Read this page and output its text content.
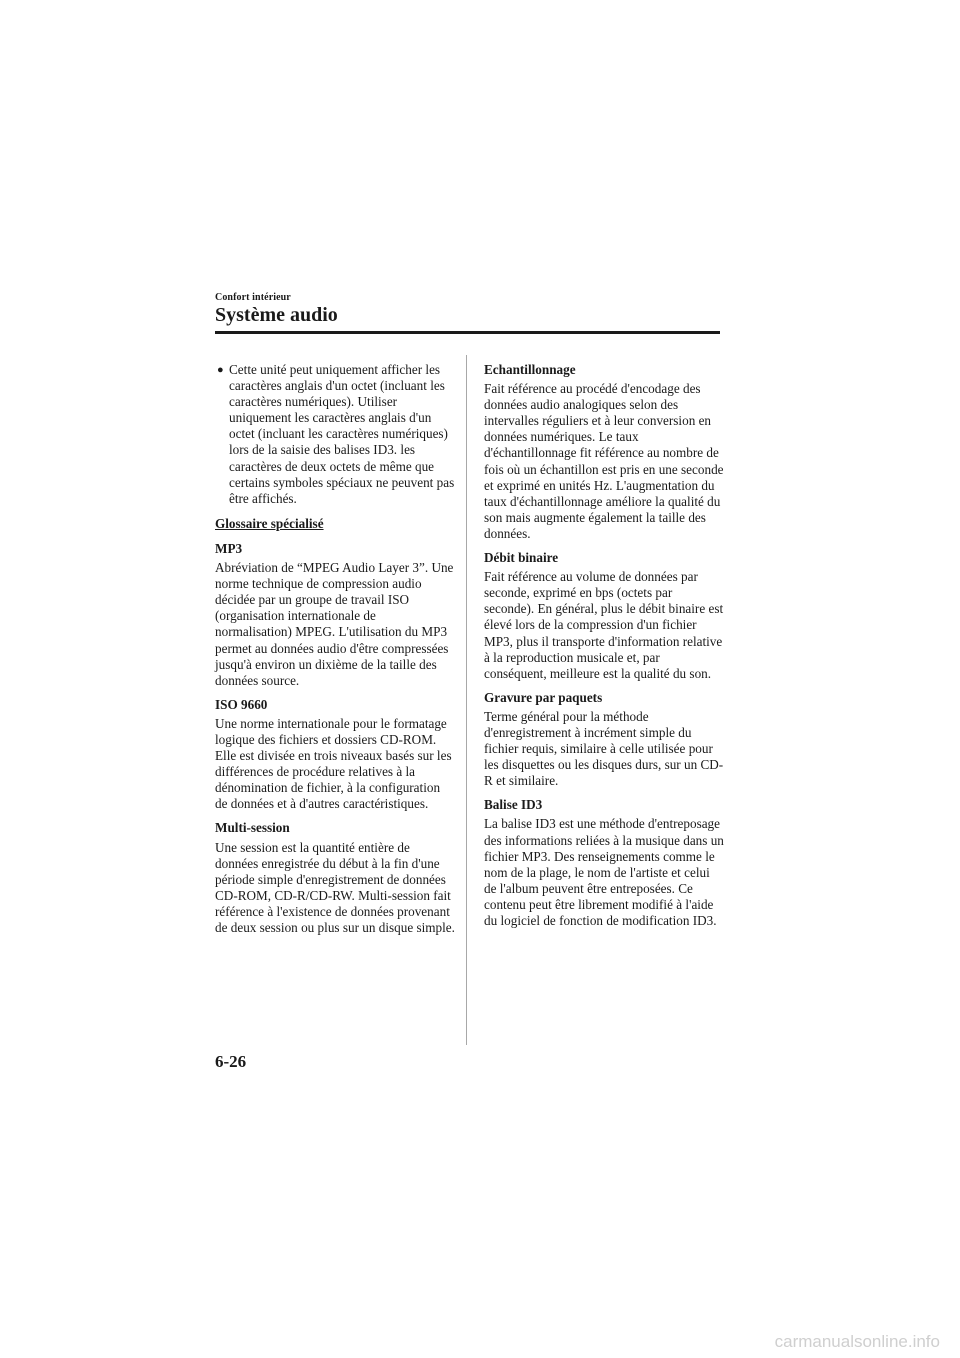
Confort intérieur
Système audio
● Cette unité peut uniquement afficher les caractères anglais d'un octet (incluant les caractères numériques). Utiliser uniquement les caractères anglais d'un octet (incluant les caractères numériques) lors de la saisie des balises ID3. les caractères de deux octets de même que certains symboles spéciaux ne peuvent pas être affichés.
Glossaire spécialisé
MP3
Abréviation de “MPEG Audio Layer 3”. Une norme technique de compression audio décidée par un groupe de travail ISO (organisation internationale de normalisation) MPEG. L'utilisation du MP3 permet au données audio d'être compressées jusqu'à environ un dixième de la taille des données source.
ISO 9660
Une norme internationale pour le formatage logique des fichiers et dossiers CD-ROM. Elle est divisée en trois niveaux basés sur les différences de procédure relatives à la dénomination de fichier, à la configuration de données et à d'autres caractéristiques.
Multi-session
Une session est la quantité entière de données enregistrée du début à la fin d'une période simple d'enregistrement de données CD-ROM, CD-R/CD-RW. Multi-session fait référence à l'existence de données provenant de deux session ou plus sur un disque simple.
Echantillonnage
Fait référence au procédé d'encodage des données audio analogiques selon des intervalles réguliers et à leur conversion en données numériques. Le taux d'échantillonnage fit référence au nombre de fois où un échantillon est pris en une seconde et exprimé en unités Hz. L'augmentation du taux d'échantillonnage améliore la qualité du son mais augmente également la taille des données.
Débit binaire
Fait référence au volume de données par seconde, exprimé en bps (octets par seconde). En général, plus le débit binaire est élevé lors de la compression d'un fichier MP3, plus il transporte d'information relative à la reproduction musicale et, par conséquent, meilleure est la qualité du son.
Gravure par paquets
Terme général pour la méthode d'enregistrement à incrément simple du fichier requis, similaire à celle utilisée pour les disquettes ou les disques durs, sur un CD-R et similaire.
Balise ID3
La balise ID3 est une méthode d'entreposage des informations reliées à la musique dans un fichier MP3. Des renseignements comme le nom de la plage, le nom de l'artiste et celui de l'album peuvent être entreposées. Ce contenu peut être librement modifié à l'aide du logiciel de fonction de modification ID3.
6-26
carmanualsonline.info
